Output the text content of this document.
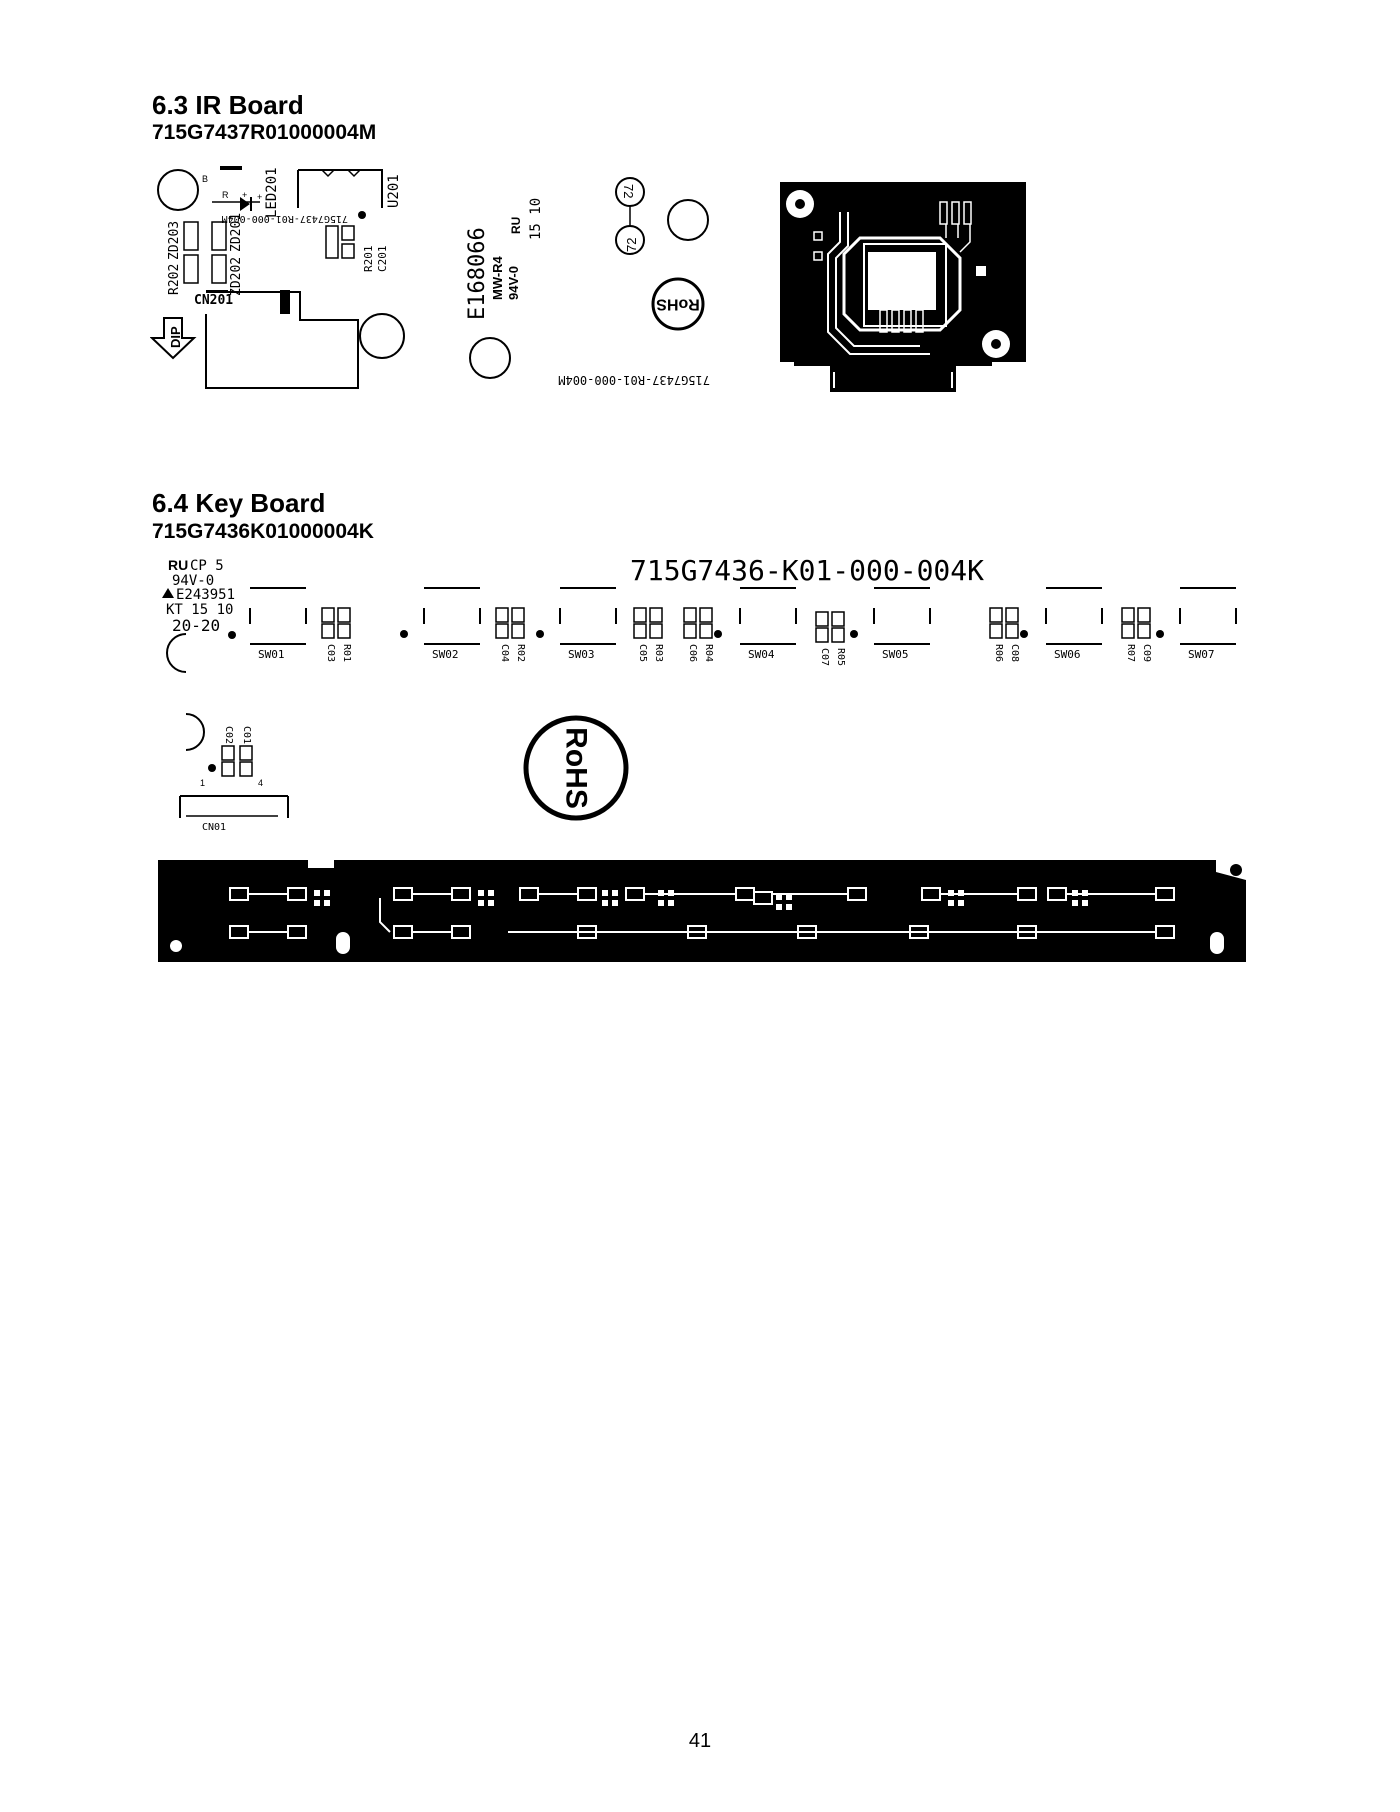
6.3 IR Board
715G7437R01000004M
B
R + + LED201	U201
ZD203
R202
ZD201
ZD202
715G7437-R01-000-004M
R201 C201
CN201
DIP
E168066 MW-R4 94V-0
RU 15 10
72
72
RoHS
715G7437-R01-000-004M
6.4 Key Board
715G7436K01000004K
RU CP 5
94V-0
E243951
KT 15 10
20-20
715G7436-K01-000-004K
SW01	C03 R01	SW02	C04 R02	SW03	C05 R03 C06 R04	SW04	C07 R05	SW05	R06 C08	SW06	R07 C09	SW07
C02 C01
1	4
CN01
RoHS
41
